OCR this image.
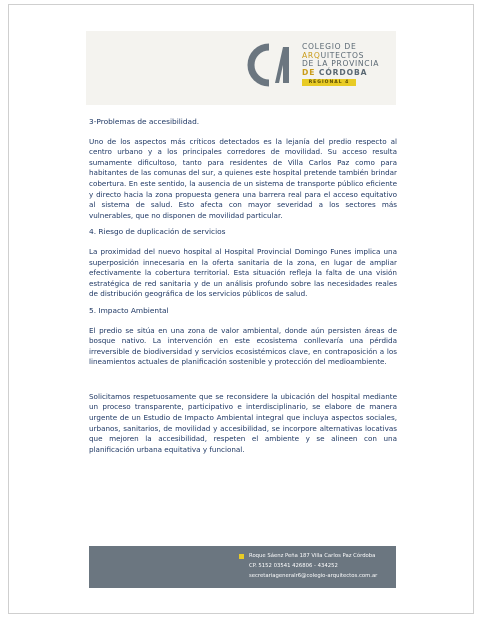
COLEGIO DE
ARQUITECTOS
DE LA PROVINCIA
DE CÓRDOBA
REGIONAL 4

3-Problemas de accesibilidad.

Uno de los aspectos más críticos detectados es la lejanía del predio respecto al centro urbano y a los principales corredores de movilidad. Su acceso resulta sumamente dificultoso, tanto para residentes de Villa Carlos Paz como para habitantes de las comunas del sur, a quienes este hospital pretende también brindar cobertura. En este sentido, la ausencia de un sistema de transporte público eficiente y directo hacia la zona propuesta genera una barrera real para el acceso equitativo al sistema de salud. Esto afecta con mayor severidad a los sectores más vulnerables, que no disponen de movilidad particular.

4. Riesgo de duplicación de servicios

La proximidad del nuevo hospital al Hospital Provincial Domingo Funes implica una superposición innecesaria en la oferta sanitaria de la zona, en lugar de ampliar efectivamente la cobertura territorial. Esta situación refleja la falta de una visión estratégica de red sanitaria y de un análisis profundo sobre las necesidades reales de distribución geográfica de los servicios públicos de salud.

5. Impacto Ambiental

El predio se sitúa en una zona de valor ambiental, donde aún persisten áreas de bosque nativo. La intervención en este ecosistema conllevaría una pérdida irreversible de biodiversidad y servicios ecosistémicos clave, en contraposición a los lineamientos actuales de planificación sostenible y protección del medioambiente.

Solicitamos respetuosamente que se reconsidere la ubicación del hospital mediante un proceso transparente, participativo e interdisciplinario, se elabore de manera urgente de un Estudio de Impacto Ambiental integral que incluya aspectos sociales, urbanos, sanitarios, de movilidad y accesibilidad, se incorpore alternativas locativas que mejoren la accesibilidad, respeten el ambiente y se alineen con una planificación urbana equitativa y funcional.

Roque Sáenz Peña 187 Villa Carlos Paz Córdoba
CP. 5152 03541 426806 - 434252
secretariageneralr6@colegio-arquitectos.com.ar
